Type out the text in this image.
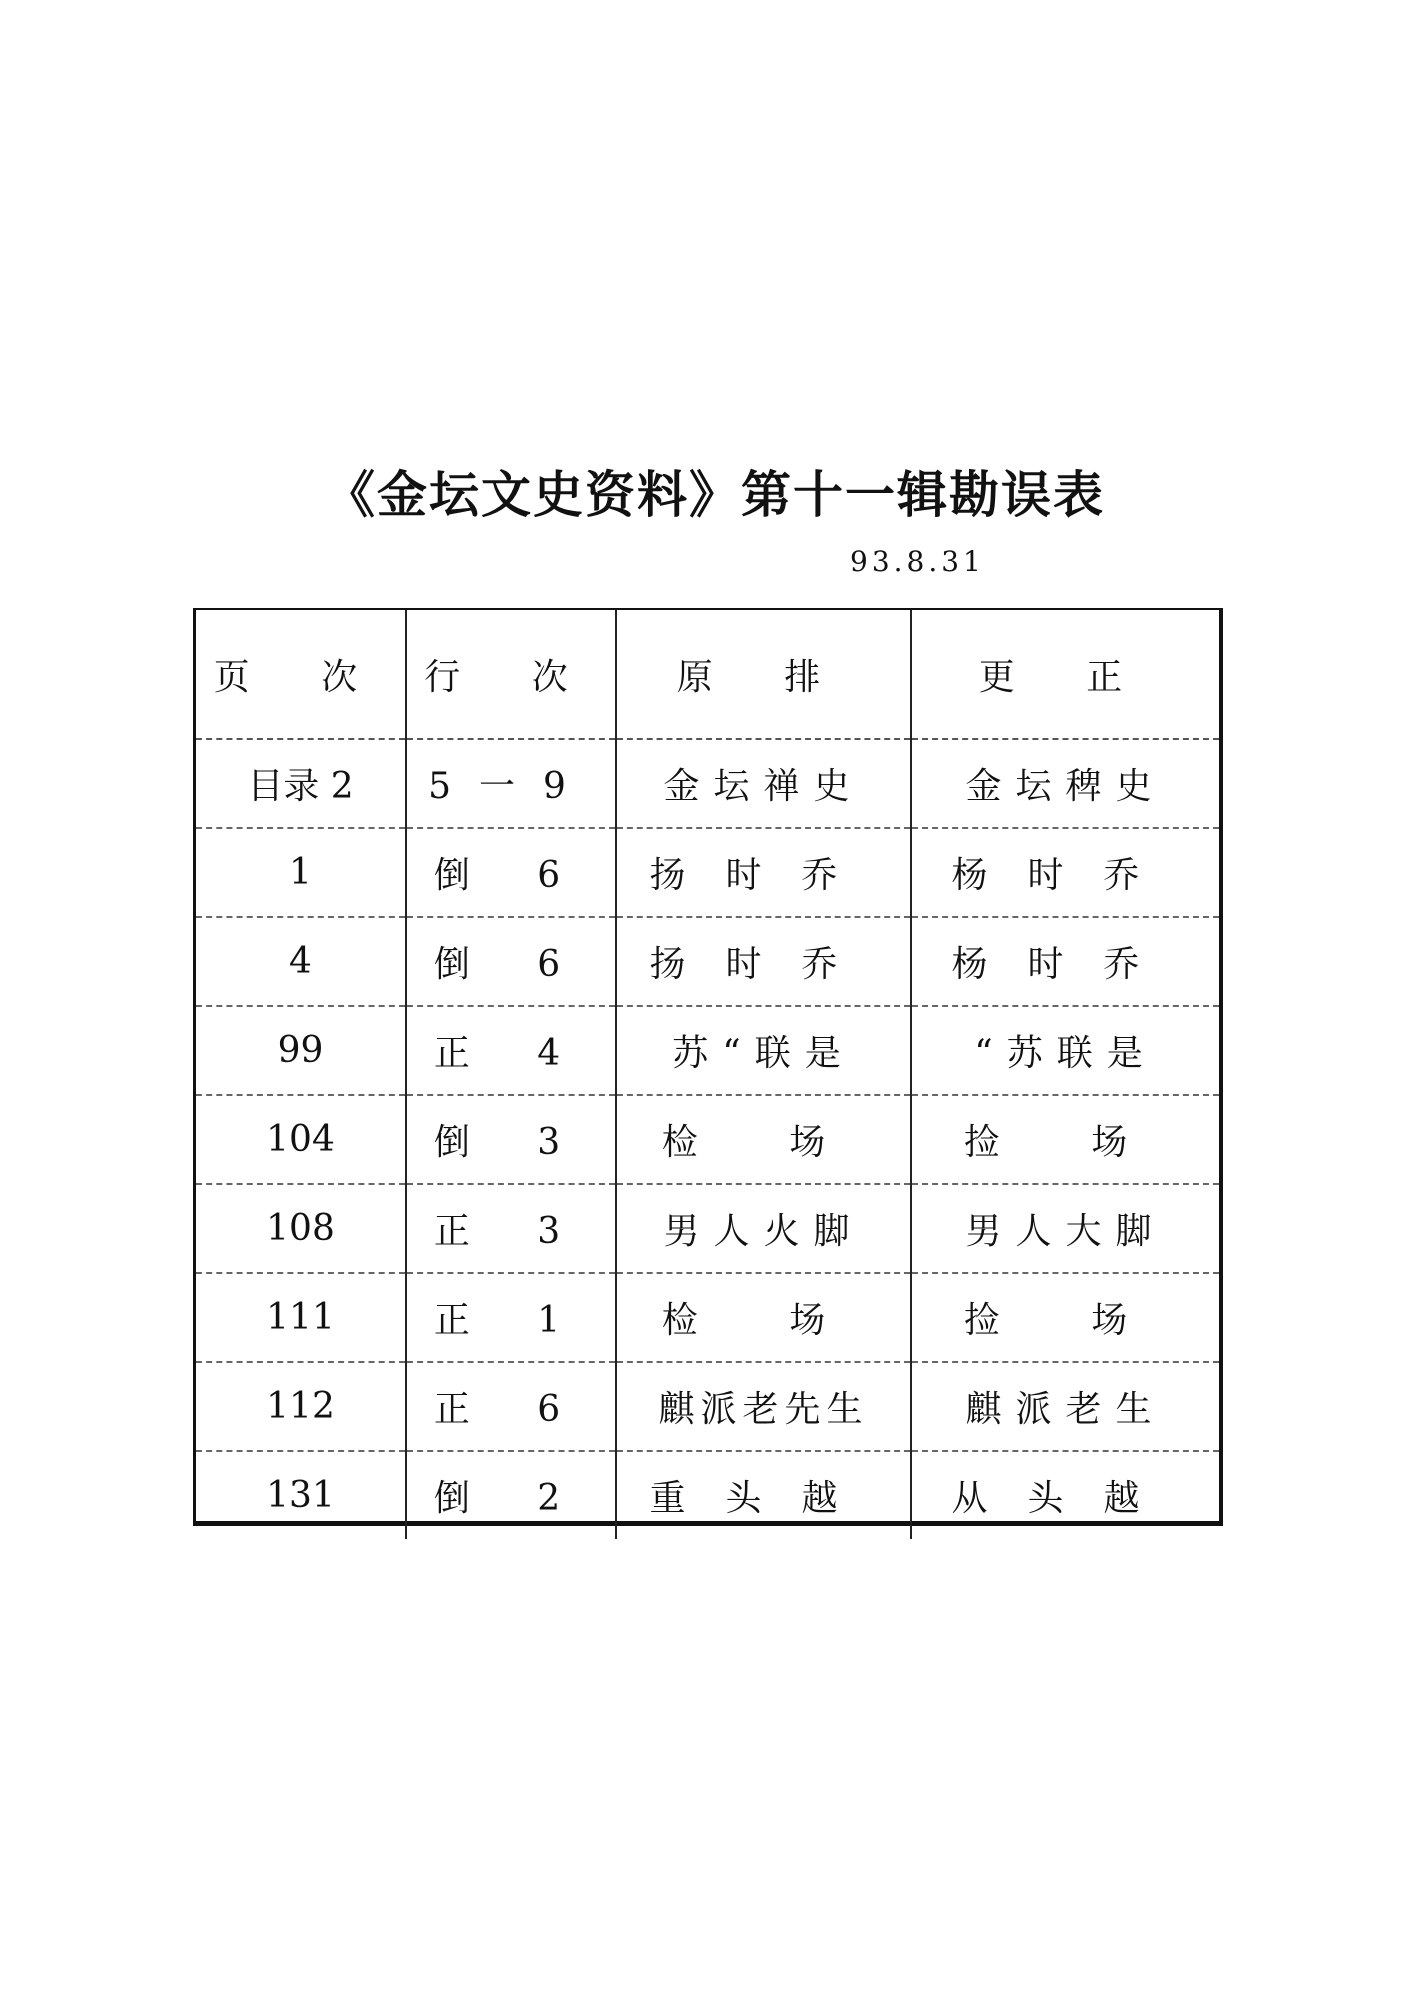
《金坛文史资料》第十一辑勘误表
93.8.31
页 次	行 次	原 排	更 正
目录 2	5一9	金坛禅史	金坛稗史
1	倒 6	扬时乔	杨时乔
4	倒 6	扬时乔	杨时乔
99	正 4	苏“联是	“苏联是
104	倒 3	检 场	捡 场
108	正 3	男人火脚	男人大脚
111	正 1	检 场	捡 场
112	正 6	麒派老先生	麒派老生
131	倒 2	重头越	从头越
